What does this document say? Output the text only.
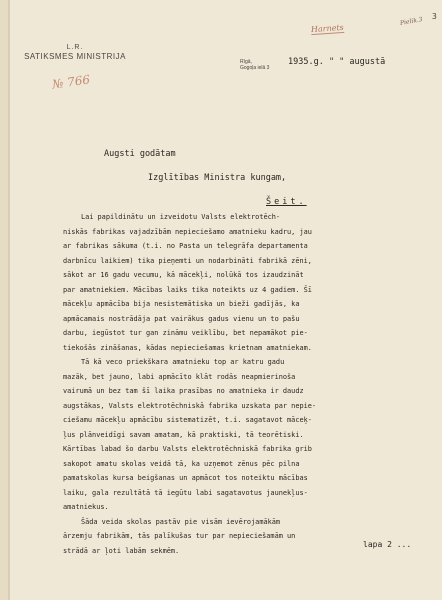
L.R.
SATIKSMES MINISTRIJA
№ 766
Rīgā,
Gogoļa ielā 3
1935.g. " " augustā
Harnets
Pielik.3 3
Augsti godātam
Izglītības Ministra kungam,
Šeit.

Lai papildinātu un izveidotu Valsts elektrotēch-
niskās fabrikas vajadzībām nepieciešamo amatnieku kadru, jau
ar fabrikas sākuma (t.i. no Pasta un telegrāfa departamenta
darbnīcu laikiem) tika pieņemti un nodarbināti fabrikā zēni,
sākot ar 16 gadu vecumu, kā mācekļi, nolūkā tos izaudzināt
par amatniekiem. Mācības laiks tika noteikts uz 4 gadiem. Šī
mācekļu apmācība bija nesistemātiska un bieži gadījās, ka
apmācamais nostrādāja pat vairākus gadus vienu un to pašu
darbu, iegūstot tur gan zināmu veiklību, bet nepamākot pie-
tiekošās zināšanas, kādas nepieciešamas krietnam amatniekam.

Tā kā veco priekškara amatnieku top ar katru gadu
mazāk, bet jauno, labi apmācīto klāt rodās neapmierinoša
vairumā un bez tam šī laika prasības no amatnieka ir daudz
augstākas, Valsts elektrotēchniskā fabrika uzskata par nepie-
ciešamu mācekļu apmācību sistematizēt, t.i. sagatavot māceķ-
ļus plānveidīgi savam amatam, kā praktiski, tā teorētiski.
Kārtības labad šo darbu Valsts elektrotēchniskā fabrika grib
sakopot amatu skolas veidā tā, ka uzņemot zēnus pēc pilna
pamatskolas kursa beigšanas un apmācot tos noteiktu mācības
laiku, gala rezultātā tā iegūtu labi sagatavotus jaunekļus-
amatniekus.

Šāda veida skolas pastāv pie visām ievērojamākām
ārzemju fabrikām, tās palīkušas tur par nepieciešamām un
strādā ar ļoti labām sekmēm.

lapa 2 ...
